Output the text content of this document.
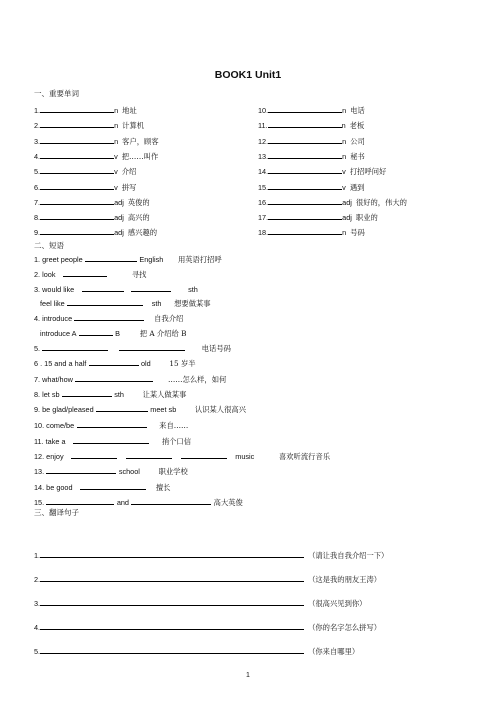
BOOK1 Unit1
一、重要单词
1.	n 地址
2.	n 计算机
3.	n 客户，顾客
4.	v 把……叫作
5.	v 介绍
6.	v 拼写
7.	adj 英俊的
8.	adj 高兴的
9.	adj 感兴趣的
10.	n 电话
11.	n 老板
12.	n 公司
13.	n 秘书
14.	v 打招呼问好
15.	v 遇到
16.	adj 很好的，伟大的
17.	adj 职业的
18.	n 号码
二、短语
1. greet people	English 用英语打招呼
2. look	寻找
3. would like	sth
feel like	sth 想要做某事
4. introduce	自我介绍
introduce A	B	把 A 介绍给 B
5.	电话号码
6 . 15 and a half	old	15 岁半
7. what/how	……怎么样，如何
8. let sb	sth	让某人做某事
9. be glad/pleased	meet sb	认识某人很高兴
10. come/be	来自……
11. take a	捎个口信
12. enjoy	music	喜欢听流行音乐
13.	school	职业学校
14. be good	擅长
15.	and	高大英俊
三、翻译句子
1.	（请让我自我介绍一下）
2.	（这是我的朋友王涛）
3.	（很高兴见到你）
4.	（你的名字怎么拼写）
5.	（你来自哪里）
1
